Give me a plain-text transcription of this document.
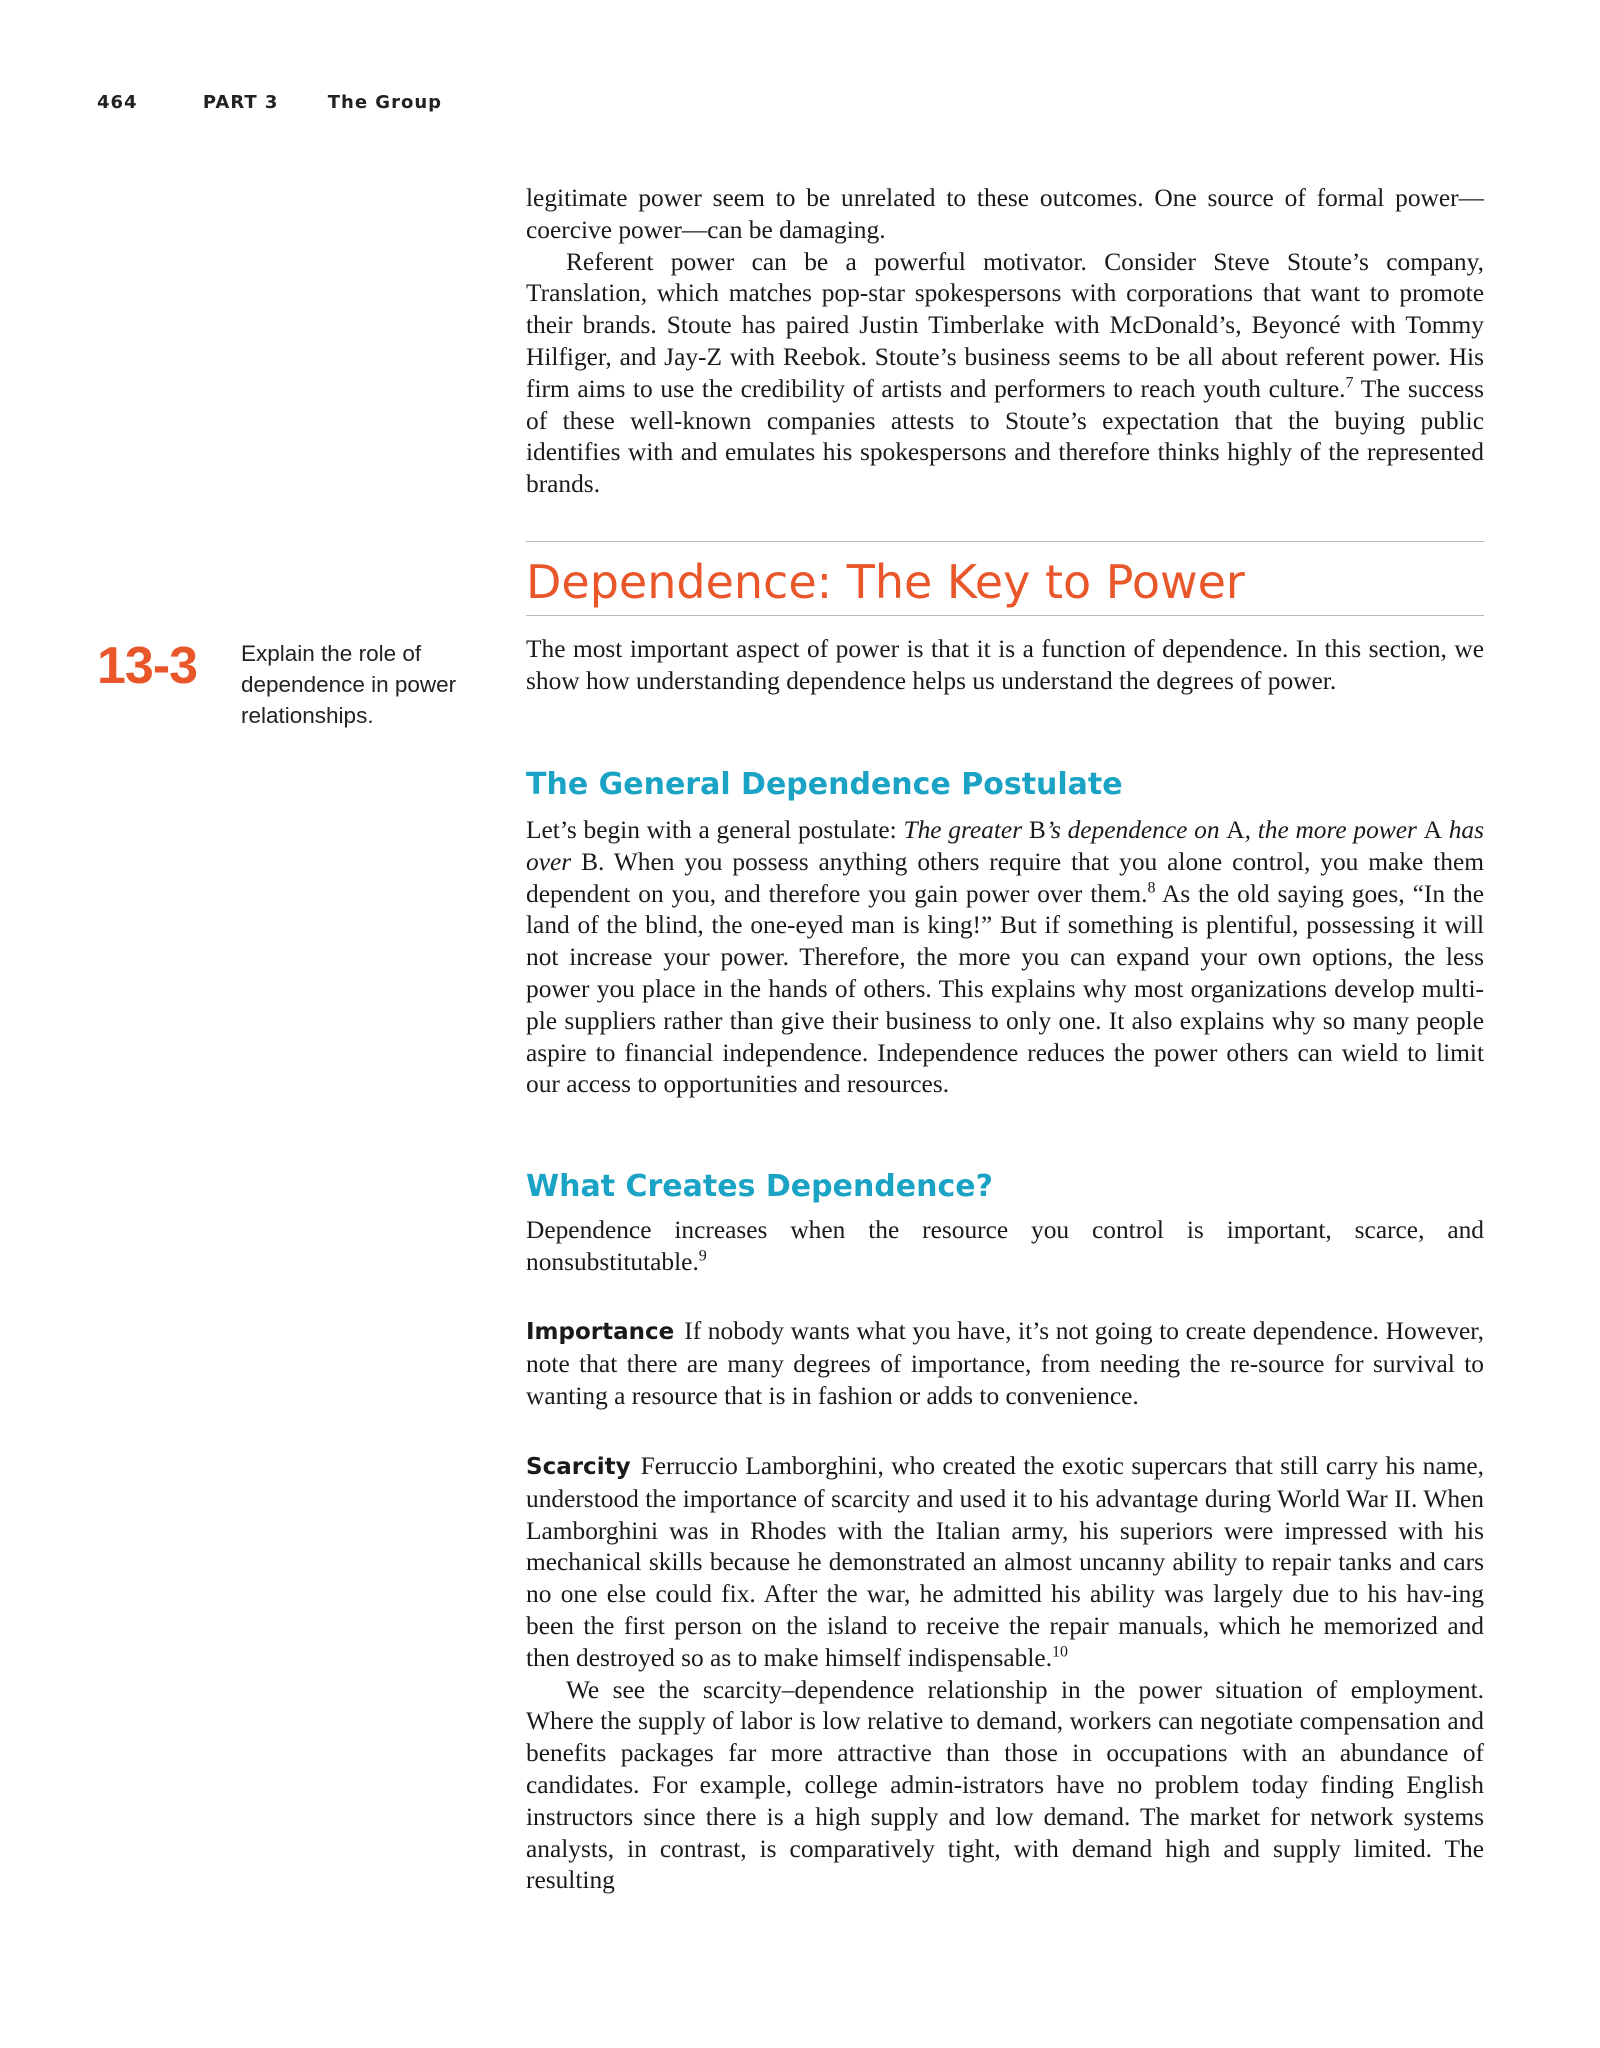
464	PART 3	The Group

legitimate power seem to be unrelated to these outcomes. One source of formal power—coercive power—can be damaging.

Referent power can be a powerful motivator. Consider Steve Stoute’s company, Translation, which matches pop-star spokespersons with corporations that want to promote their brands. Stoute has paired Justin Timberlake with McDonald’s, Beyoncé with Tommy Hilfiger, and Jay-Z with Reebok. Stoute’s business seems to be all about referent power. His firm aims to use the credibility of artists and performers to reach youth culture.$^7$ The success of these well-known companies attests to Stoute’s expectation that the buying public identifies with and emulates his spokespersons and therefore thinks highly of the represented brands.

Dependence: The Key to Power
13-3 Explain the role of dependence in power relationships.

The most important aspect of power is that it is a function of dependence. In this section, we show how understanding dependence helps us understand the degrees of power.

The General Dependence Postulate

Let’s begin with a general postulate: The greater B’s dependence on A, the more power A has over B. When you possess anything others require that you alone control, you make them dependent on you, and therefore you gain power over them.$^8$ As the old saying goes, “In the land of the blind, the one-eyed man is king!” But if something is plentiful, possessing it will not increase your power. Therefore, the more you can expand your own options, the less power you place in the hands of others. This explains why most organizations develop multi-ple suppliers rather than give their business to only one. It also explains why so many people aspire to financial independence. Independence reduces the power others can wield to limit our access to opportunities and resources.

What Creates Dependence?

Dependence increases when the resource you control is important, scarce, and nonsubstitutable.$^9$

Importance If nobody wants what you have, it’s not going to create dependence. However, note that there are many degrees of importance, from needing the re-source for survival to wanting a resource that is in fashion or adds to convenience.

Scarcity Ferruccio Lamborghini, who created the exotic supercars that still carry his name, understood the importance of scarcity and used it to his advantage during World War II. When Lamborghini was in Rhodes with the Italian army, his superiors were impressed with his mechanical skills because he demonstrated an almost uncanny ability to repair tanks and cars no one else could fix. After the war, he admitted his ability was largely due to his hav-ing been the first person on the island to receive the repair manuals, which he memorized and then destroyed so as to make himself indispensable.$^{10}$

We see the scarcity–dependence relationship in the power situation of employment. Where the supply of labor is low relative to demand, workers can negotiate compensation and benefits packages far more attractive than those in occupations with an abundance of candidates. For example, college admin-istrators have no problem today finding English instructors since there is a high supply and low demand. The market for network systems analysts, in contrast, is comparatively tight, with demand high and supply limited. The resulting
